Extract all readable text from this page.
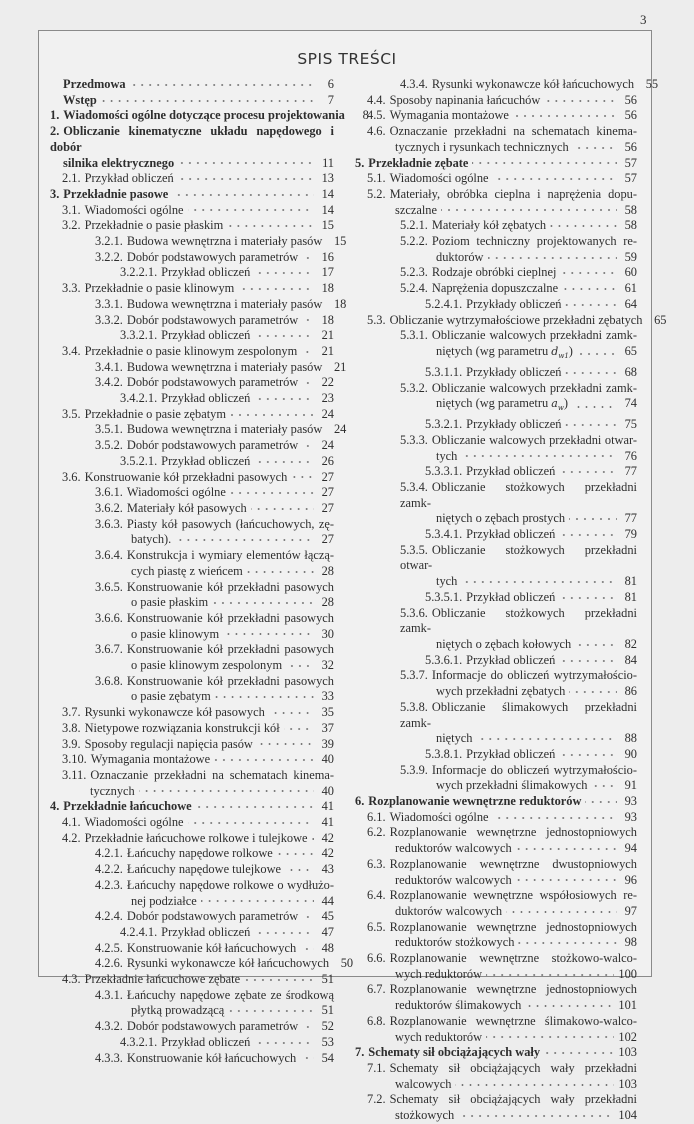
3
SPIS TREŚCI
Przedmowa	6
Wstęp	7
1. Wiadomości ogólne dotyczące procesu projektowania	8
2. Obliczanie kinematyczne układu napędowego i dobór
silnika elektrycznego	11
2.1. Przykład obliczeń	13
3. Przekładnie pasowe	14
3.1. Wiadomości ogólne	14
3.2. Przekładnie o pasie płaskim	15
3.2.1. Budowa wewnętrzna i materiały pasów 15
3.2.2. Dobór podstawowych parametrów 16
3.2.2.1. Przykład obliczeń	17
3.3. Przekładnie o pasie klinowym	18
3.3.1. Budowa wewnętrzna i materiały pasów 18
3.3.2. Dobór podstawowych parametrów 18
3.3.2.1. Przykład obliczeń	21
3.4. Przekładnie o pasie klinowym zespolonym 21
3.4.1. Budowa wewnętrzna i materiały pasów 21
3.4.2. Dobór podstawowych parametrów 22
3.4.2.1. Przykład obliczeń	23
3.5. Przekładnie o pasie zębatym	24
3.5.1. Budowa wewnętrzna i materiały pasów 24
3.5.2. Dobór podstawowych parametrów 24
3.5.2.1. Przykład obliczeń	26
3.6. Konstruowanie kół przekładni pasowych	27
3.6.1. Wiadomości ogólne	27
3.6.2. Materiały kół pasowych	27
3.6.3. Piasty kół pasowych (łańcuchowych, zę-
batych).	27
3.6.4. Konstrukcja i wymiary elementów łączą-
cych piastę z wieńcem	28
3.6.5. Konstruowanie kół przekładni pasowych
o pasie płaskim	28
3.6.6. Konstruowanie kół przekładni pasowych
o pasie klinowym	30
3.6.7. Konstruowanie kół przekładni pasowych
o pasie klinowym zespolonym	32
3.6.8. Konstruowanie kół przekładni pasowych
o pasie zębatym	33
3.7. Rysunki wykonawcze kół pasowych	35
3.8. Nietypowe rozwiązania konstrukcji kół	37
3.9. Sposoby regulacji napięcia pasów	39
3.10. Wymagania montażowe	40
3.11. Oznaczanie przekładni na schematach kinema-
tycznych	40
4. Przekładnie łańcuchowe	41
4.1. Wiadomości ogólne	41
4.2. Przekładnie łańcuchowe rolkowe i tulejkowe 42
4.2.1. Łańcuchy napędowe rolkowe	42
4.2.2. Łańcuchy napędowe tulejkowe	43
4.2.3. Łańcuchy napędowe rolkowe o wydłużo-
nej podziałce	44
4.2.4. Dobór podstawowych parametrów 45
4.2.4.1. Przykład obliczeń	47
4.2.5. Konstruowanie kół łańcuchowych 48
4.2.6. Rysunki wykonawcze kół łańcuchowych 50
4.3. Przekładnie łańcuchowe zębate	51
4.3.1. Łańcuchy napędowe zębate ze środkową
płytką prowadzącą	51
4.3.2. Dobór podstawowych parametrów 52
4.3.2.1. Przykład obliczeń	53
4.3.3. Konstruowanie kół łańcuchowych 54
4.3.4. Rysunki wykonawcze kół łańcuchowych 55
4.4. Sposoby napinania łańcuchów	56
4.5. Wymagania montażowe	56
4.6. Oznaczanie przekładni na schematach kinema-
tycznych i rysunkach technicznych	56
5. Przekładnie zębate	57
5.1. Wiadomości ogólne	57
5.2. Materiały, obróbka cieplna i naprężenia dopu-
szczalne	58
5.2.1. Materiały kół zębatych	58
5.2.2. Poziom techniczny projektowanych re-
duktorów	59
5.2.3. Rodzaje obróbki cieplnej	60
5.2.4. Naprężenia dopuszczalne	61
5.2.4.1. Przykłady obliczeń	64
5.3. Obliczanie wytrzymałościowe przekładni zębatych 65
5.3.1. Obliczanie walcowych przekładni zamk-
niętych (wg parametru
$d_{w1}$ )	65
5.3.1.1. Przykłady obliczeń	68
5.3.2. Obliczanie walcowych przekładni zamk-
niętych (wg parametru
$a_w$ )	74
5.3.2.1. Przykłady obliczeń	75
5.3.3. Obliczanie walcowych przekładni otwar-
tych	76
5.3.3.1. Przykład obliczeń	77
5.3.4. Obliczanie stożkowych przekładni zamk-
niętych o zębach prostych	77
5.3.4.1. Przykład obliczeń	79
5.3.5. Obliczanie stożkowych przekładni otwar-
tych	81
5.3.5.1. Przykład obliczeń	81
5.3.6. Obliczanie stożkowych przekładni zamk-
niętych o zębach kołowych	82
5.3.6.1. Przykład obliczeń	84
5.3.7. Informacje do obliczeń wytrzymałościo-
wych przekładni zębatych	86
5.3.8. Obliczanie ślimakowych przekładni zamk-
niętych	88
5.3.8.1. Przykład obliczeń	90
5.3.9. Informacje do obliczeń wytrzymałościo-
wych przekładni ślimakowych	91
6. Rozplanowanie wewnętrzne reduktorów	93
6.1. Wiadomości ogólne	93
6.2. Rozplanowanie wewnętrzne jednostopniowych
reduktorów walcowych	94
6.3. Rozplanowanie wewnętrzne dwustopniowych
reduktorów walcowych	96
6.4. Rozplanowanie wewnętrzne współosiowych re-
duktorów walcowych	97
6.5. Rozplanowanie wewnętrzne jednostopniowych
reduktorów stożkowych	98
6.6. Rozplanowanie wewnętrzne stożkowo-walco-
wych reduktorów	100
6.7. Rozplanowanie wewnętrzne jednostopniowych
reduktorów ślimakowych	101
6.8. Rozplanowanie wewnętrzne ślimakowo-walco-
wych reduktorów	102
7. Schematy sił obciążających wały	103
7.1. Schematy sił obciążających wały przekładni
walcowych	103
7.2. Schematy sił obciążających wały przekładni
stożkowych	104
